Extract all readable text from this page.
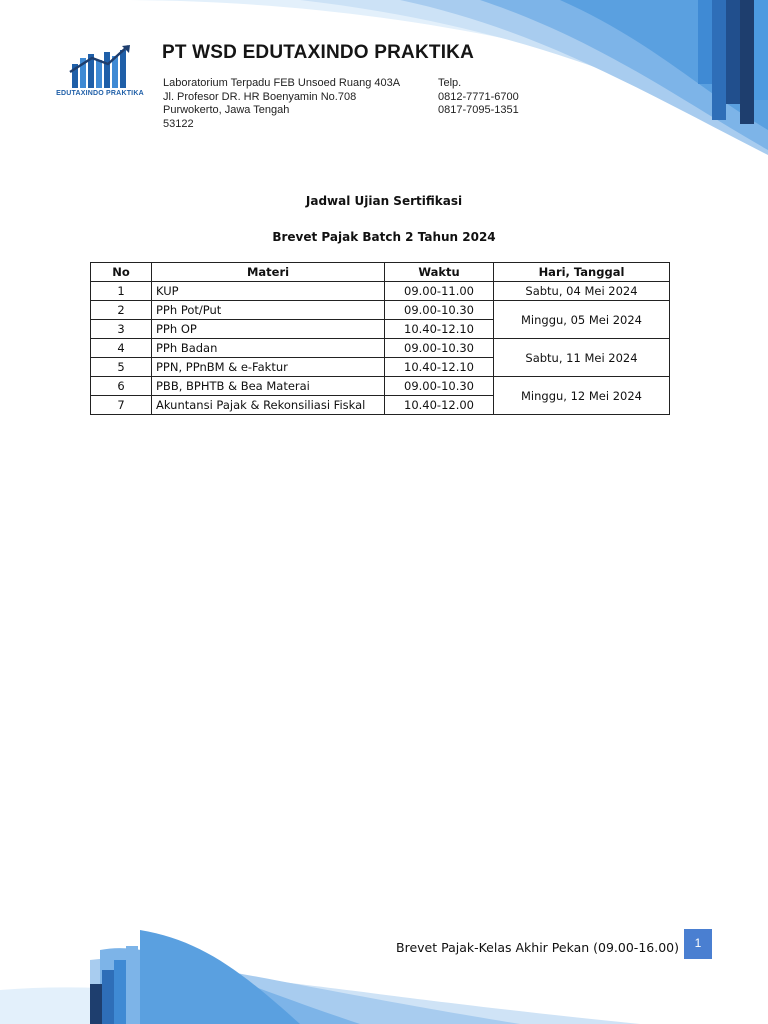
EDUTAXINDO PRAKTIKA
PT WSD EDUTAXINDO PRAKTIKA
Laboratorium Terpadu FEB Unsoed Ruang 403A
Jl. Profesor DR. HR Boenyamin No.708
Purwokerto, Jawa Tengah
53122
Telp.
0812-7771-6700
0817-7095-1351
Jadwal Ujian Sertifikasi
Brevet Pajak Batch 2 Tahun 2024
No	Materi	Waktu	Hari, Tanggal
1	KUP	09.00-11.00	Sabtu, 04 Mei 2024
2	PPh Pot/Put	09.00-10.30	Minggu, 05 Mei 2024
3	PPh OP	10.40-12.10	
4	PPh Badan	09.00-10.30	Sabtu, 11 Mei 2024
5	PPN, PPnBM & e-Faktur	10.40-12.10	
6	PBB, BPHTB & Bea Materai	09.00-10.30	Minggu, 12 Mei 2024
7	Akuntansi Pajak & Rekonsiliasi Fiskal	10.40-12.00	
Brevet Pajak-Kelas Akhir Pekan (09.00-16.00)	1
